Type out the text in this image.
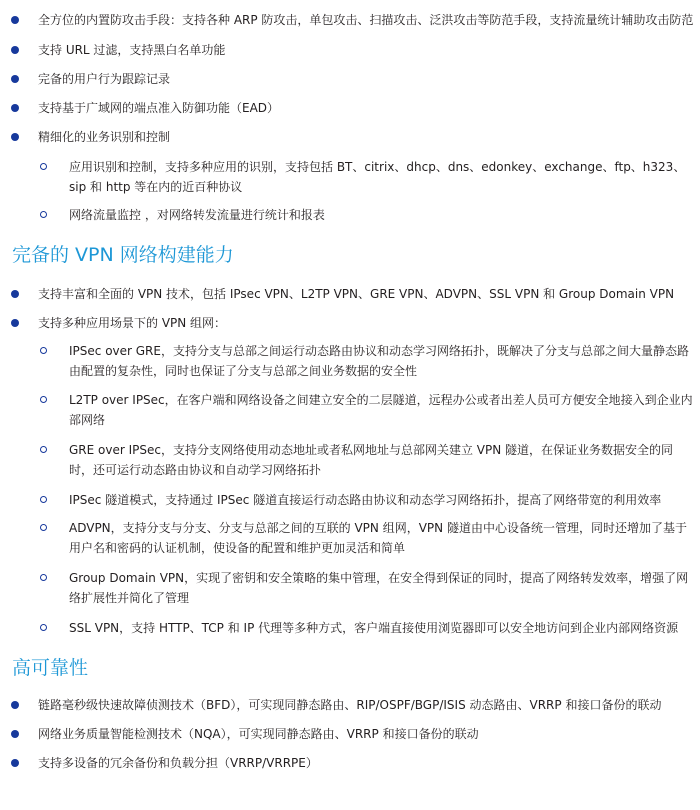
全方位的内置防攻击手段：支持各种 ARP 防攻击，单包攻击、扫描攻击、泛洪攻击等防范手段，支持流量统计辅助攻击防范
支持 URL 过滤，支持黑白名单功能
完备的用户行为跟踪记录
支持基于广域网的端点准入防御功能（EAD）
精细化的业务识别和控制
应用识别和控制，支持多种应用的识别，支持包括 BT、citrix、dhcp、dns、edonkey、exchange、ftp、h323、sip 和 http 等在内的近百种协议
网络流量监控 ，对网络转发流量进行统计和报表
完备的 VPN 网络构建能力
支持丰富和全面的 VPN 技术，包括 IPsec VPN、L2TP VPN、GRE VPN、ADVPN、SSL VPN 和 Group Domain VPN
支持多种应用场景下的 VPN 组网：
IPSec over GRE，支持分支与总部之间运行动态路由协议和动态学习网络拓扑，既解决了分支与总部之间大量静态路由配置的复杂性，同时也保证了分支与总部之间业务数据的安全性
L2TP over IPSec，在客户端和网络设备之间建立安全的二层隧道，远程办公或者出差人员可方便安全地接入到企业内部网络
GRE over IPSec，支持分支网络使用动态地址或者私网地址与总部网关建立 VPN 隧道，在保证业务数据安全的同时，还可运行动态路由协议和自动学习网络拓扑
IPSec 隧道模式，支持通过 IPSec 隧道直接运行动态路由协议和动态学习网络拓扑，提高了网络带宽的利用效率
ADVPN，支持分支与分支、分支与总部之间的互联的 VPN 组网，VPN 隧道由中心设备统一管理，同时还增加了基于用户名和密码的认证机制，使设备的配置和维护更加灵活和简单
Group Domain VPN，实现了密钥和安全策略的集中管理，在安全得到保证的同时，提高了网络转发效率，增强了网络扩展性并简化了管理
SSL VPN，支持 HTTP、TCP 和 IP 代理等多种方式，客户端直接使用浏览器即可以安全地访问到企业内部网络资源
高可靠性
链路毫秒级快速故障侦测技术（BFD），可实现同静态路由、RIP/OSPF/BGP/ISIS 动态路由、VRRP 和接口备份的联动
网络业务质量智能检测技术（NQA），可实现同静态路由、VRRP 和接口备份的联动
支持多设备的冗余备份和负载分担（VRRP/VRRPE）
